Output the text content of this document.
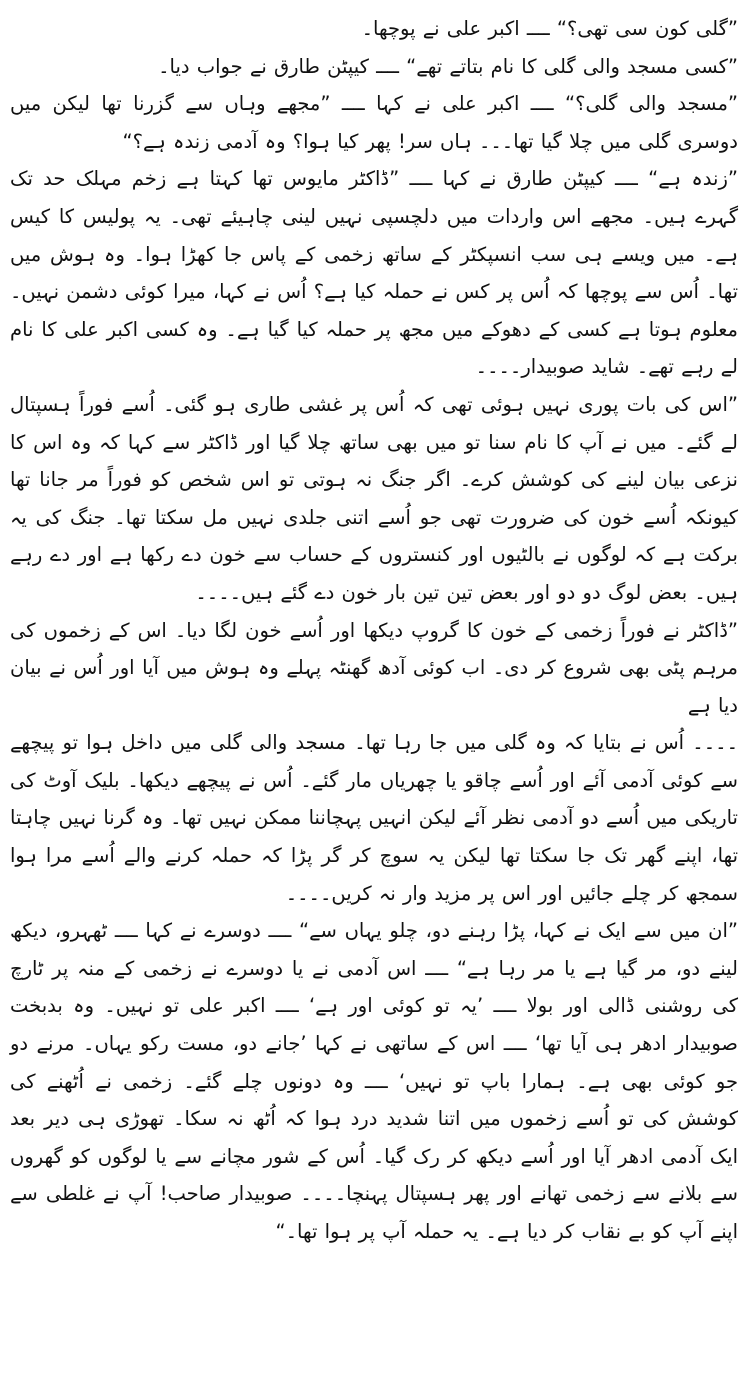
”گلی کون سی تھی؟“ ــــ اکبر علی نے پوچھا۔

”کسی مسجد والی گلی کا نام بتاتے تھے“ ــــ کیپٹن طارق نے جواب دیا۔

”مسجد والی گلی؟“ ــــ اکبر علی نے کہا ــــ ”مجھے وہاں سے گزرنا تھا لیکن میں دوسری گلی میں چلا گیا تھا۔۔۔ ہاں سر! پھر کیا ہوا؟ وہ آدمی زندہ ہے؟“

”زندہ ہے“ ــــ کیپٹن طارق نے کہا ــــ ”ڈاکٹر مایوس تھا کہتا ہے زخم مہلک حد تک گہرے ہیں۔ مجھے اس واردات میں دلچسپی نہیں لینی چاہیئے تھی۔ یہ پولیس کا کیس ہے۔ میں ویسے ہی سب انسپکٹر کے ساتھ زخمی کے پاس جا کھڑا ہوا۔ وہ ہوش میں تھا۔ اُس سے پوچھا کہ اُس پر کس نے حملہ کیا ہے؟ اُس نے کہا، میرا کوئی دشمن نہیں۔ معلوم ہوتا ہے کسی کے دھوکے میں مجھ پر حملہ کیا گیا ہے۔ وہ کسی اکبر علی کا نام لے رہے تھے۔ شاید صوبیدار۔۔۔۔

”اس کی بات پوری نہیں ہوئی تھی کہ اُس پر غشی طاری ہو گئی۔ اُسے فوراً ہسپتال لے گئے۔ میں نے آپ کا نام سنا تو میں بھی ساتھ چلا گیا اور ڈاکٹر سے کہا کہ وہ اس کا نزعی بیان لینے کی کوشش کرے۔ اگر جنگ نہ ہوتی تو اس شخص کو فوراً مر جانا تھا کیونکہ اُسے خون کی ضرورت تھی جو اُسے اتنی جلدی نہیں مل سکتا تھا۔ جنگ کی یہ برکت ہے کہ لوگوں نے بالٹیوں اور کنستروں کے حساب سے خون دے رکھا ہے اور دے رہے ہیں۔ بعض لوگ دو دو اور بعض تین تین بار خون دے گئے ہیں۔۔۔۔

”ڈاکٹر نے فوراً زخمی کے خون کا گروپ دیکھا اور اُسے خون لگا دیا۔ اس کے زخموں کی مرہم پٹی بھی شروع کر دی۔ اب کوئی آدھ گھنٹہ پہلے وہ ہوش میں آیا اور اُس نے بیان دیا ہے

۔۔۔۔ اُس نے بتایا کہ وہ گلی میں جا رہا تھا۔ مسجد والی گلی میں داخل ہوا تو پیچھے سے کوئی آدمی آئے اور اُسے چاقو یا چھریاں مار گئے۔ اُس نے پیچھے دیکھا۔ بلیک آوٹ کی تاریکی میں اُسے دو آدمی نظر آئے لیکن انہیں پہچاننا ممکن نہیں تھا۔ وہ گرنا نہیں چاہتا تھا، اپنے گھر تک جا سکتا تھا لیکن یہ سوچ کر گر پڑا کہ حملہ کرنے والے اُسے مرا ہوا سمجھ کر چلے جائیں اور اس پر مزید وار نہ کریں۔۔۔۔

”ان میں سے ایک نے کہا، پڑا رہنے دو، چلو یہاں سے“ ــــ دوسرے نے کہا ــــ ٹھہرو، دیکھ لینے دو، مر گیا ہے یا مر رہا ہے“ ــــ اس آدمی نے یا دوسرے نے زخمی کے منہ پر ٹارچ کی روشنی ڈالی اور بولا ــــ ’یہ تو کوئی اور ہے‘ ــــ اکبر علی تو نہیں۔ وہ بدبخت صوبیدار ادھر ہی آیا تھا‘ ــــ اس کے ساتھی نے کہا ’جانے دو، مست رکو یہاں۔ مرنے دو جو کوئی بھی ہے۔ ہمارا باپ تو نہیں‘ ــــ وہ دونوں چلے گئے۔ زخمی نے اُٹھنے کی کوشش کی تو اُسے زخموں میں اتنا شدید درد ہوا کہ اُٹھ نہ سکا۔ تھوڑی ہی دیر بعد ایک آدمی ادھر آیا اور اُسے دیکھ کر رک گیا۔ اُس کے شور مچانے سے یا لوگوں کو گھروں سے بلانے سے زخمی تھانے اور پھر ہسپتال پہنچا۔۔۔۔ صوبیدار صاحب! آپ نے غلطی سے اپنے آپ کو بے نقاب کر دیا ہے۔ یہ حملہ آپ پر ہوا تھا۔“
